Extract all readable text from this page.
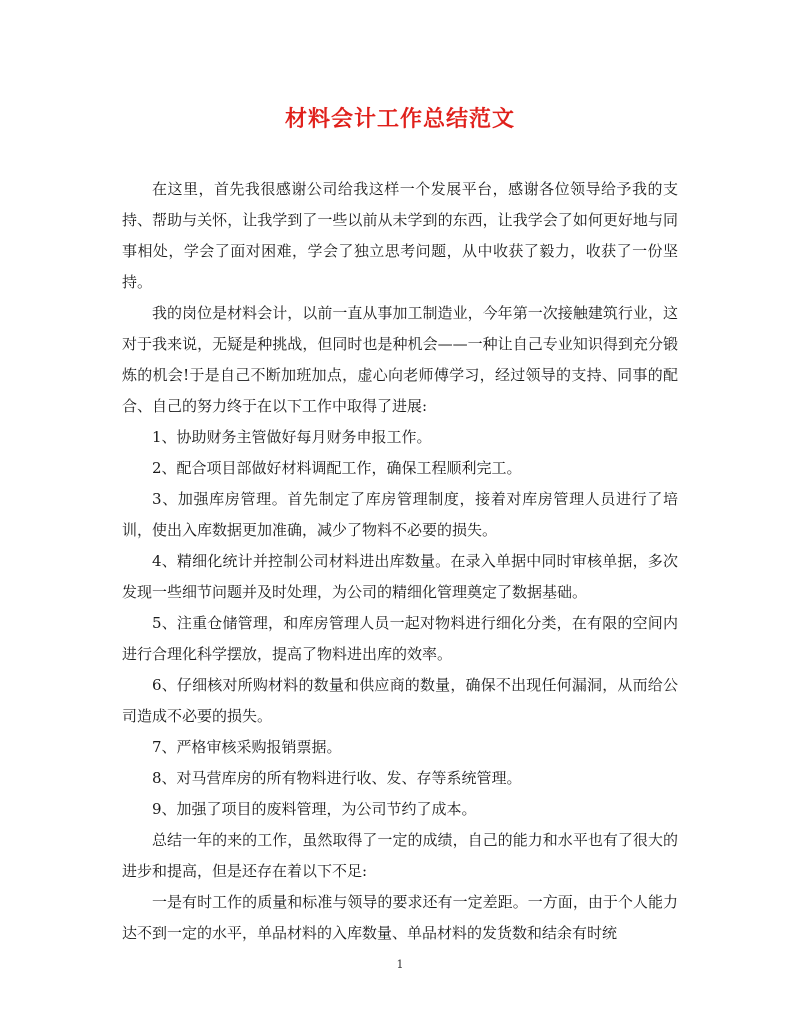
材料会计工作总结范文

在这里，首先我很感谢公司给我这样一个发展平台，感谢各位领导给予我的支持、帮助与关怀，让我学到了一些以前从未学到的东西，让我学会了如何更好地与同事相处，学会了面对困难，学会了独立思考问题，从中收获了毅力，收获了一份坚持。

我的岗位是材料会计，以前一直从事加工制造业，今年第一次接触建筑行业，这对于我来说，无疑是种挑战，但同时也是种机会——一种让自己专业知识得到充分锻炼的机会!于是自己不断加班加点，虚心向老师傅学习，经过领导的支持、同事的配合、自己的努力终于在以下工作中取得了进展:

1、协助财务主管做好每月财务申报工作。

2、配合项目部做好材料调配工作，确保工程顺利完工。

3、加强库房管理。首先制定了库房管理制度，接着对库房管理人员进行了培训，使出入库数据更加准确，减少了物料不必要的损失。

4、精细化统计并控制公司材料进出库数量。在录入单据中同时审核单据，多次发现一些细节问题并及时处理，为公司的精细化管理奠定了数据基础。

5、注重仓储管理，和库房管理人员一起对物料进行细化分类，在有限的空间内进行合理化科学摆放，提高了物料进出库的效率。

6、仔细核对所购材料的数量和供应商的数量，确保不出现任何漏洞，从而给公司造成不必要的损失。

7、严格审核采购报销票据。

8、对马营库房的所有物料进行收、发、存等系统管理。

9、加强了项目的废料管理，为公司节约了成本。

总结一年的来的工作，虽然取得了一定的成绩，自己的能力和水平也有了很大的进步和提高，但是还存在着以下不足:

一是有时工作的质量和标准与领导的要求还有一定差距。一方面，由于个人能力达不到一定的水平，单品材料的入库数量、单品材料的发货数和结余有时统

1
